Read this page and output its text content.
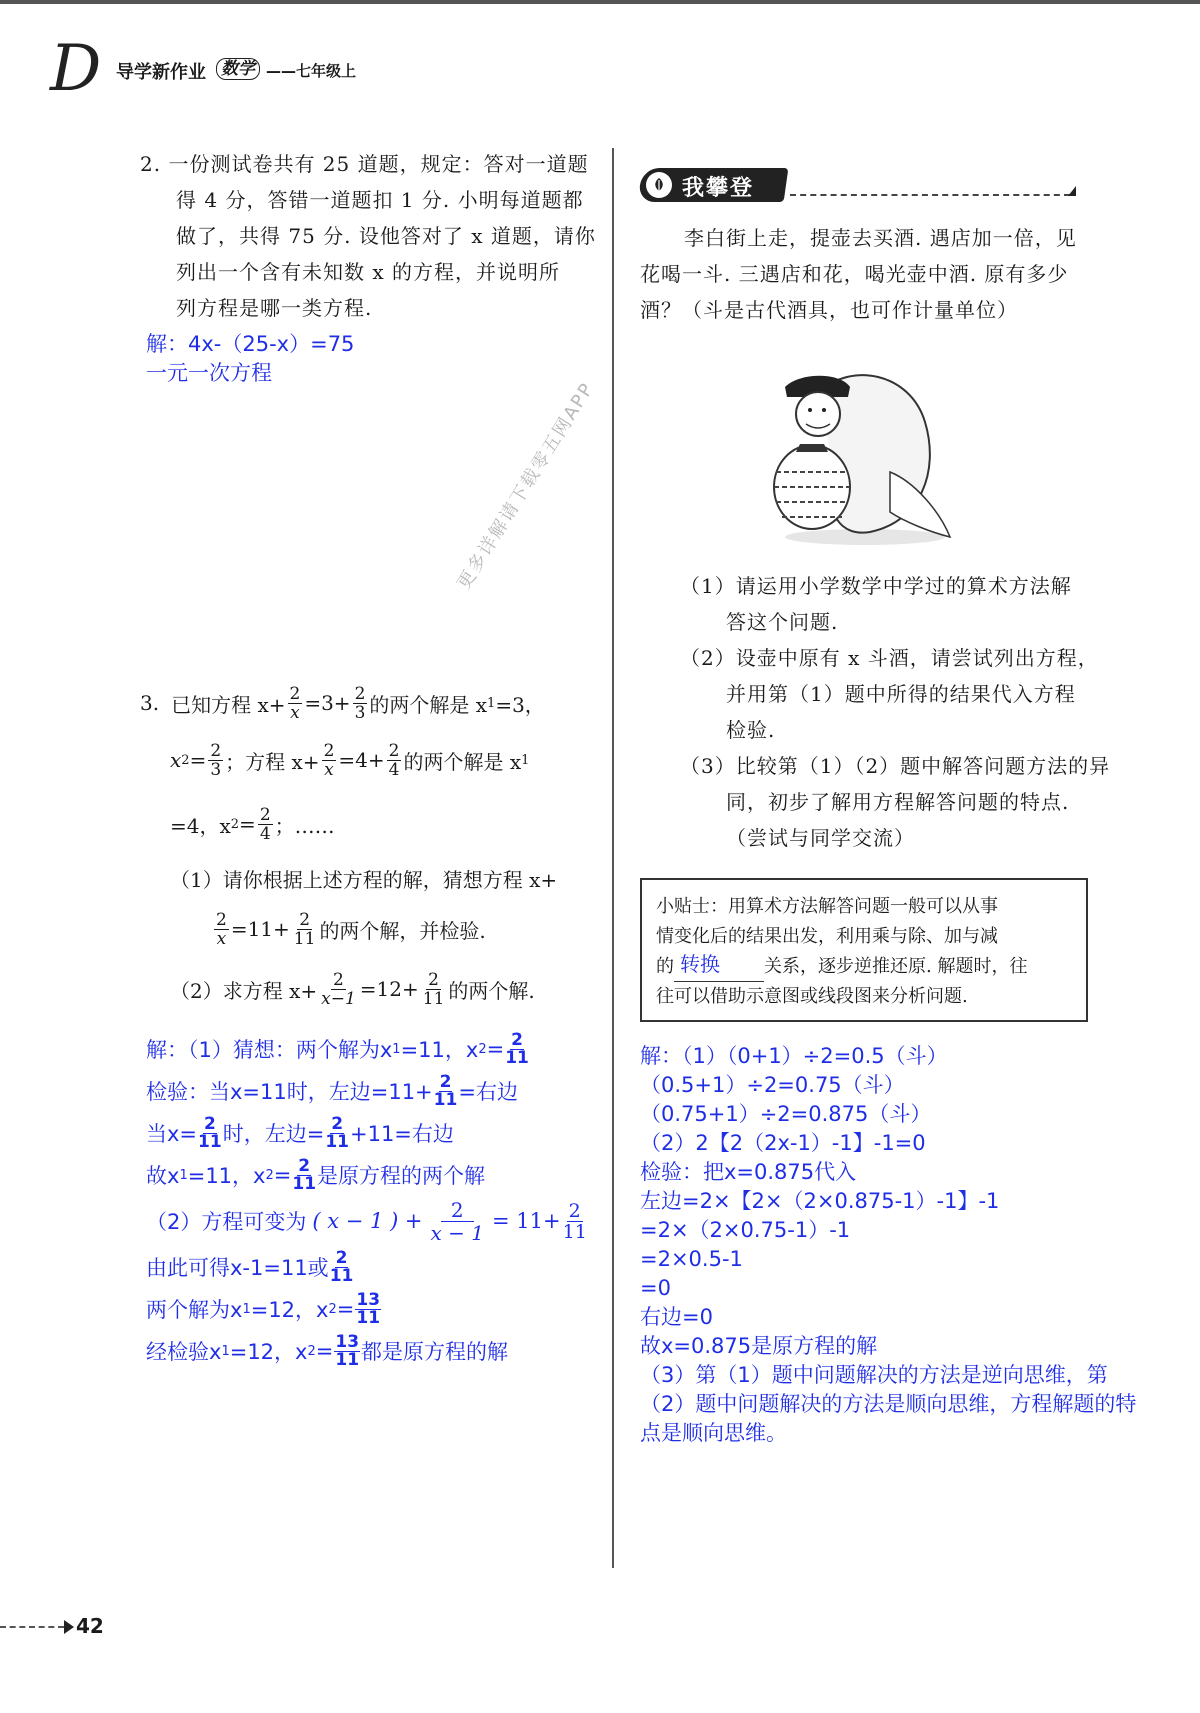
D 导学新作业 数学 ——七年级上
2. 一份测试卷共有 25 道题，规定：答对一道题
得 4 分，答错一道题扣 1 分. 小明每道题都
做了，共得 75 分. 设他答对了 x 道题，请你
列出一个含有未知数 x 的方程，并说明所
列方程是哪一类方程.
解：4x-（25-x）=75
一元一次方程
更多详解请下载零五网APP
3. 已知方程 $x+ \frac{2}{x} =3+ \frac{2}{3}$ 的两个解是 x 1 =3，
x $2 = \frac{2}{3}$ ；方程 $x+ \frac{2}{x} =4+ \frac{2}{4}$ 的两个解是 x 1
=4，x $2 = \frac{2}{4}$ ；……
（1）请你根据上述方程的解，猜想方程 x+
$\frac{2}{x} =11+ \frac{2}{11}$ 的两个解，并检验.
（2）求方程 $x+ \frac{2}{x-1} =12+ \frac{2}{11}$ 的两个解.
解：（1）猜想：两个解为x 1 =11，x $2 = \frac{2}{11}$
检验：当x=11时，左边$=11+ \frac{2}{11}$ =右边
当$x= \frac{2}{11}$ 时，左边= $\frac{2}{11} +11=$右边
故x 1 =11，x $2 = \frac{2}{11}$ 是原方程的两个解
（2）方程可变为 ( x − 1 ) + $\frac{2}{x - 1} = 11+ \frac{2}{11}$
由此可得x-1=11或 $\frac{2}{11}$
两个解为x 1 =12，x $2 = \frac{13}{11}$
经检验x 1 =12，x $2 = \frac{13}{11}$ 都是原方程的解
我攀登
李白街上走，提壶去买酒. 遇店加一倍，见
花喝一斗. 三遇店和花，喝光壶中酒. 原有多少
酒？（斗是古代酒具，也可作计量单位）
（1）请运用小学数学中学过的算术方法解
答这个问题.
（2）设壶中原有 x 斗酒，请尝试列出方程，
并用第（1）题中所得的结果代入方程
检验.
（3）比较第（1）（2）题中解答问题方法的异
同，初步了解用方程解答问题的特点.
（尝试与同学交流）
小贴士：用算术方法解答问题一般可以从事
情变化后的结果出发，利用乘与除、加与减
的 转换 关系，逐步逆推还原. 解题时，往
往可以借助示意图或线段图来分析问题.
解：（1）（0+1）÷2=0.5（斗）
（0.5+1）÷2=0.75（斗）
（0.75+1）÷2=0.875（斗）
（2）2【2（2x-1）-1】-1=0
检验：把x=0.875代入
左边=2×【2×（2×0.875-1）-1】-1
=2×（2×0.75-1）-1
=2×0.5-1
=0
右边=0
故x=0.875是原方程的解
（3）第（1）题中问题解决的方法是逆向思维，第
（2）题中问题解决的方法是顺向思维，方程解题的特
点是顺向思维。
42
